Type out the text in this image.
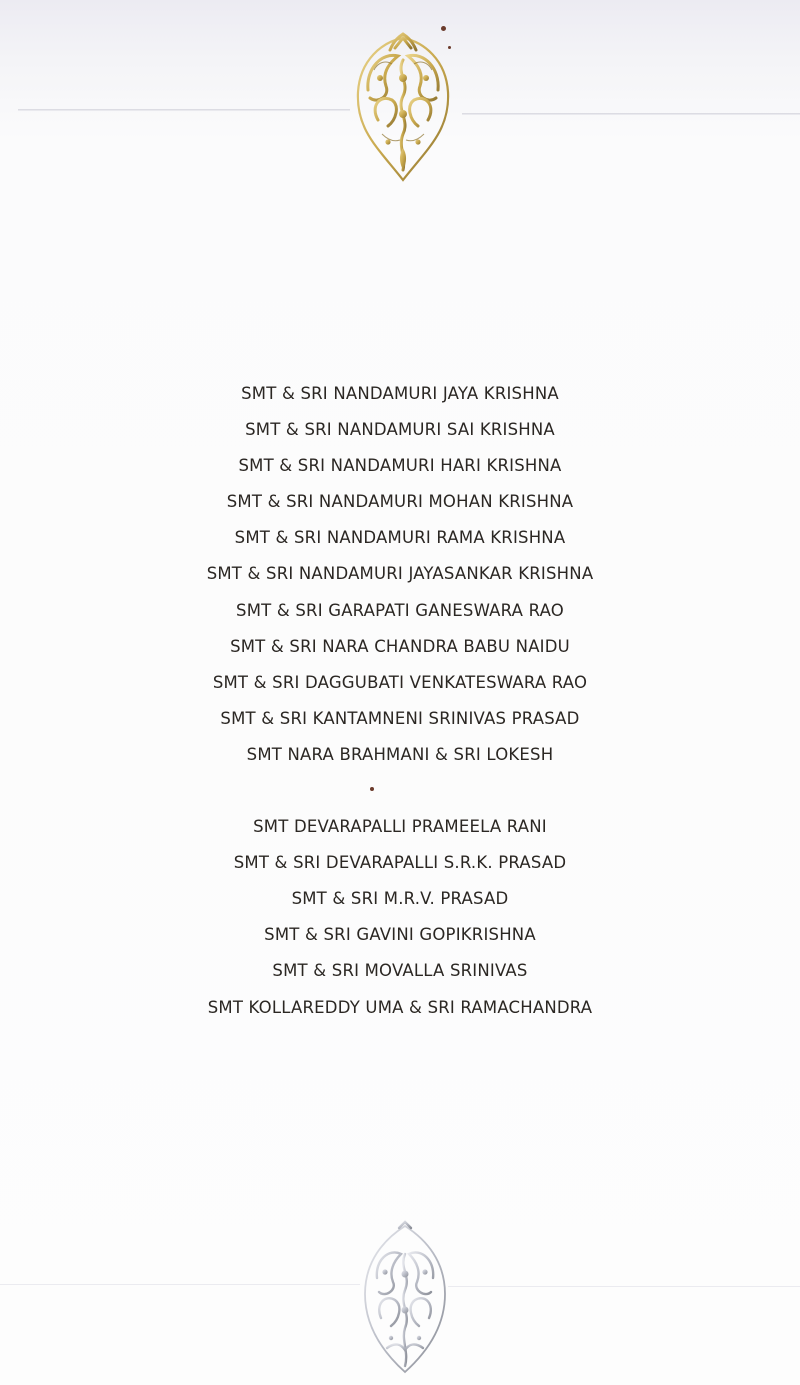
SMT & SRI NANDAMURI JAYA KRISHNA
SMT & SRI NANDAMURI SAI KRISHNA
SMT & SRI NANDAMURI HARI KRISHNA
SMT & SRI NANDAMURI MOHAN KRISHNA
SMT & SRI NANDAMURI RAMA KRISHNA
SMT & SRI NANDAMURI JAYASANKAR KRISHNA
SMT & SRI GARAPATI GANESWARA RAO
SMT & SRI NARA CHANDRA BABU NAIDU
SMT & SRI DAGGUBATI VENKATESWARA RAO
SMT & SRI KANTAMNENI SRINIVAS PRASAD
SMT NARA BRAHMANI & SRI LOKESH
SMT DEVARAPALLI PRAMEELA RANI
SMT & SRI DEVARAPALLI S.R.K. PRASAD
SMT & SRI M.R.V. PRASAD
SMT & SRI GAVINI GOPIKRISHNA
SMT & SRI MOVALLA SRINIVAS
SMT KOLLAREDDY UMA & SRI RAMACHANDRA
